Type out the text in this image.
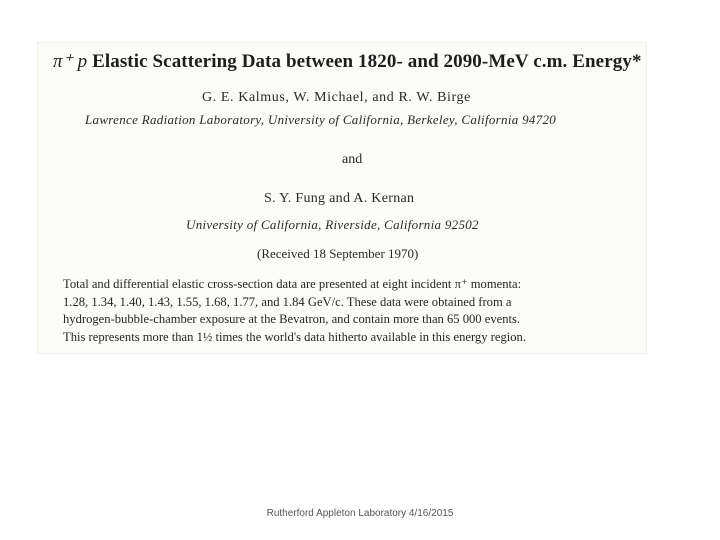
π⁺ p Elastic Scattering Data between 1820- and 2090-MeV c.m. Energy*

G. E. Kalmus, W. Michael, and R. W. Birge

Lawrence Radiation Laboratory, University of California, Berkeley, California 94720

and

S. Y. Fung and A. Kernan

University of California, Riverside, California 92502

(Received 18 September 1970)

Total and differential elastic cross-section data are presented at eight incident π⁺ momenta:
1.28, 1.34, 1.40, 1.43, 1.55, 1.68, 1.77, and 1.84 GeV/c. These data were obtained from a
hydrogen-bubble-chamber exposure at the Bevatron, and contain more than 65 000 events.
This represents more than 1½ times the world's data hitherto available in this energy region.
Rutherford Appleton Laboratory 4/16/2015
